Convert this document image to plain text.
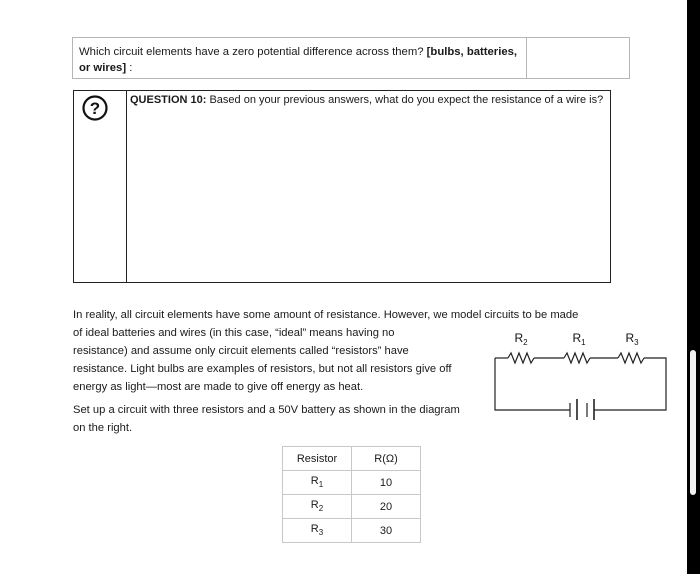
Which circuit elements have a zero potential difference across them? [bulbs, batteries, or wires] :
?	QUESTION 10: Based on your previous answers, what do you expect the resistance of a wire is?
In reality, all circuit elements have some amount of resistance. However, we model circuits to be made
of ideal batteries and wires (in this case, “ideal” means having no
resistance) and assume only circuit elements called “resistors” have
resistance. Light bulbs are examples of resistors, but not all resistors give off
energy as light—most are made to give off energy as heat.
Set up a circuit with three resistors and a 50V battery as shown in the diagram on the right.
$R_2$	$R_1$	$R_3$
Resistor	R(Ω)
$R_1$	10
$R_2$	20
$R_3$	30
